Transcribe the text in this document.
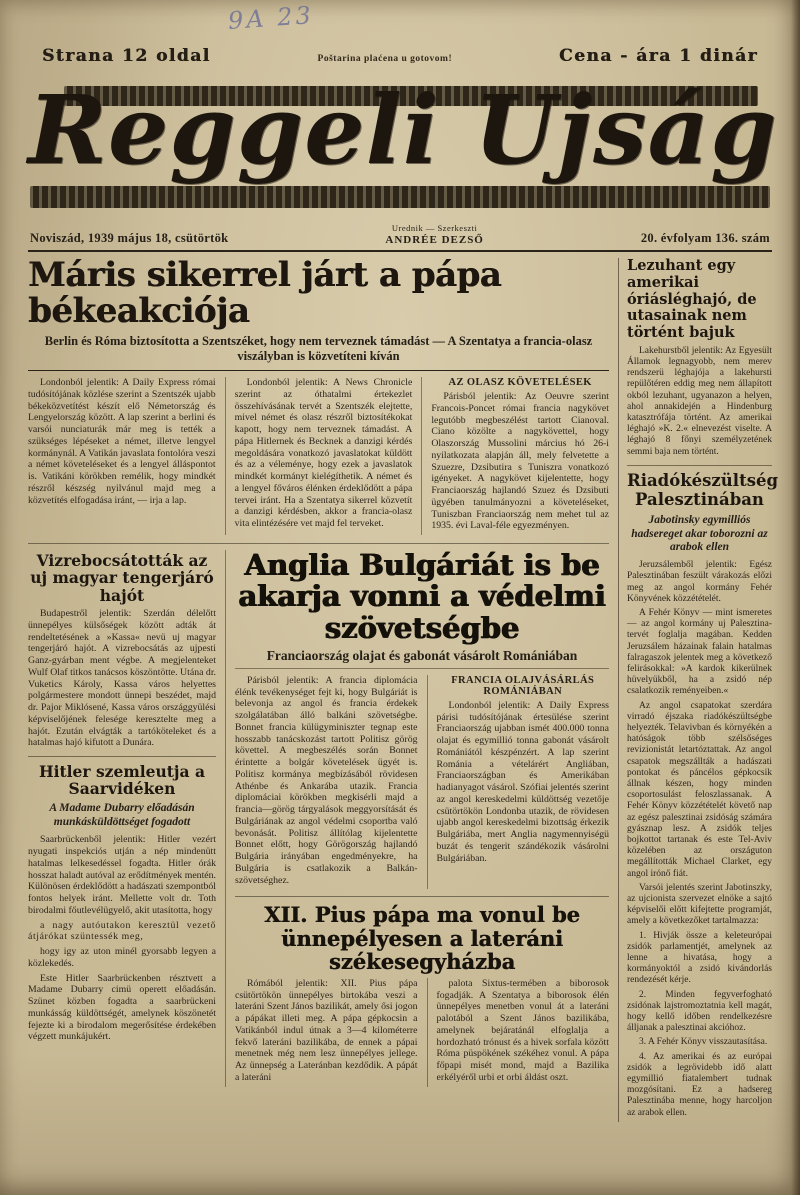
9A 23
Strana 12 oldal	Poštarina plaćena u gotovom!	Cena - ára 1 dinár
Reggeli Ujság
Noviszád, 1939 május 18, csütörtök
Urednik — Szerkeszti
ANDRÉE DEZSŐ	20. évfolyam 136. szám
Máris sikerrel járt a pápa békeakciója

Berlin és Róma biztosította a Szentszéket, hogy nem terveznek támadást — A Szentatya a francia-olasz viszályban is közvetíteni kíván

Londonból jelentik: A Daily Express római tudósítójának közlése szerint a Szentszék ujabb békeközvetítést készít elő Németország és Lengyelország között. A lap szerint a berlini és varsói nunciaturák már meg is tették a szükséges lépéseket a német, illetve lengyel kormánynál. A Vatikán javaslata fontolóra veszi a német követeléseket és a lengyel álláspontot is. Vatikáni körökben remélik, hogy mindkét részről készség nyilvánul majd meg a közvetítés elfogadása iránt, — irja a lap.

Londonból jelentik: A News Chronicle szerint az óthatalmi értekezlet összehívásának tervét a Szentszék elejtette, mivel német és olasz részről biztosítékokat kapott, hogy nem terveznek támadást. A pápa Hitlernek és Becknek a danzigi kérdés megoldására vonatkozó javaslatokat küldött és az a véleménye, hogy ezek a javaslatok mindkét kormányt kielégíthetik. A német és a lengyel főváros élénken érdeklődött a pápa tervei iránt. Ha a Szentatya sikerrel közvetít a danzigi kérdésben, akkor a francia-olasz vita elintézésére vet majd fel terveket.

AZ OLASZ KÖVETELÉSEK

Párisból jelentik: Az Oeuvre szerint Francois-Poncet római francia nagykövet legutóbb megbeszélést tartott Cianoval. Ciano közölte a nagykövettel, hogy Olaszország Mussolini március hó 26-i nyilatkozata alapján áll, mely felvetette a Szuezre, Dzsibutira s Tuniszra vonatkozó igényeket. A nagykövet kijelentette, hogy Franciaország hajlandó Szuez és Dzsibuti ügyében tanulmányozni a követeléseket, Tuniszban Franciaország nem mehet tul az 1935. évi Laval-féle egyezményen.

Vizrebocsátották az uj magyar tengerjáró hajót

Budapestről jelentik: Szerdán délelőtt ünnepélyes külsőségek között adták át rendeltetésének a »Kassa« nevü uj magyar tengerjáró hajót. A vizrebocsátás az ujpesti Ganz-gyárban ment végbe. A megjelenteket Wulf Olaf titkos tanácsos köszöntötte. Utána dr. Vuketics Károly, Kassa város helyettes polgármestere mondott ünnepi beszédet, majd dr. Pajor Miklósené, Kassa város országgyülési képviselőjének felesége keresztelte meg a hajót. Ezután elvágták a tartóköteleket és a hatalmas hajó kifutott a Dunára.

Hitler szemleutja a Saarvidéken

A Madame Dubarry előadásán munkásküldöttséget fogadott

Saarbrückenből jelentik: Hitler vezért nyugati inspekciós utján a nép mindenütt hatalmas lelkesedéssel fogadta. Hitler órák hosszat haladt autóval az erődítmények mentén. Különösen érdeklődött a hadászati szempontból fontos helyek iránt. Mellette volt dr. Toth birodalmi főutlevélügyelő, akit utasította, hogy

a nagy autóutakon keresztül vezető átjárókat szüntessék meg,

hogy igy az uton minél gyorsabb legyen a közlekedés.

Este Hitler Saarbrückenben résztvett a Madame Dubarry cimü operett előadásán. Szünet közben fogadta a saarbrückeni munkásság küldöttségét, amelynek köszönetét fejezte ki a birodalom megerősítése érdekében végzett munkájukért.

Anglia Bulgáriát is be akarja vonni a védelmi szövetségbe

Franciaország olajat és gabonát vásárolt Romániában

Párisból jelentik: A francia diplomácia élénk tevékenységet fejt ki, hogy Bulgáriát is belevonja az angol és francia érdekek szolgálatában álló balkáni szövetségbe. Bonnet francia külügyminiszter tegnap este hosszabb tanácskozást tartott Politisz görög követtel. A megbeszélés során Bonnet érintette a bolgár követelések ügyét is. Politisz kormánya megbízásából rövidesen Athénbe és Ankarába utazik. Francia diplomáciai körökben megkisérli majd a francia—görög tárgyalások meggyorsítását és Bulgáriának az angol védelmi csoportba való bevonását. Politisz állítólag kijelentette Bonnet előtt, hogy Görögország hajlandó Bulgária irányában engedményekre, ha Bulgária is csatlakozik a Balkán-szövetséghez.

FRANCIA OLAJVÁSÁRLÁS ROMÁNIÁBAN

Londonból jelentik: A Daily Express párisi tudósítójának értesülése szerint Franciaország ujabban ismét 400.000 tonna olajat és egymillió tonna gabonát vásárolt Romániától készpénzért. A lap szerint Románia a vételárért Angliában, Franciaországban és Amerikában hadianyagot vásárol. Szófiai jelentés szerint az angol kereskedelmi küldöttség vezetője csütörtökön Londonba utazik, de rövidesen ujabb angol kereskedelmi bizottság érkezik Bulgáriába, mert Anglia nagymennyiségü buzát és tengerit szándékozik vásárolni Bulgáriában.

XII. Pius pápa ma vonul be ünnepélyesen a lateráni székesegyházba

Rómából jelentik: XII. Pius pápa csütörtökön ünnepélyes birtokába veszi a lateráni Szent János bazilikát, amely ősi jogon a pápákat illeti meg. A pápa gépkocsin a Vatikánból indul útnak a 3—4 kilométerre fekvő lateráni bazilikába, de ennek a pápai menetnek még nem lesz ünnepélyes jellege. Az ünnepség a Lateránban kezdődik. A pápát a lateráni

palota Sixtus-termében a biborosok fogadják. A Szentatya a biborosok élén ünnepélyes menetben vonul át a lateráni palotából a Szent János bazilikába, amelynek bejáratánál elfoglalja a hordozható trónust és a hivek sorfala között Róma püspökének székéhez vonul. A pápa főpapi misét mond, majd a Bazilika erkélyéről urbi et orbi áldást oszt.

Lezuhant egy amerikai óriásléghajó, de utasainak nem történt bajuk

Lakehurstből jelentik: Az Egyesült Államok legnagyobb, nem merev rendszerü léghajója a lakehursti repülőtéren eddig meg nem állapított okból lezuhant, ugyanazon a helyen, ahol annakidején a Hindenburg katasztrófája történt. Az amerikai léghajó »K. 2.« elnevezést viselte. A léghajó 8 főnyi személyzetének semmi baja nem történt.

Riadókészültség Palesztinában

Jabotinsky egymilliós hadsereget akar toborozni az arabok ellen

Jeruzsálemből jelentik: Egész Palesztinában feszült várakozás előzi meg az angol kormány Fehér Könyvének közzétételét.

A Fehér Könyv — mint ismeretes — az angol kormány uj Palesztina-tervét foglalja magában. Kedden Jeruzsálem házainak falain hatalmas falragaszok jelentek meg a következő felirásokkal: »A kardok kikerülnek hüvelyükből, ha a zsidó nép csalatkozik reményeiben.«

Az angol csapatokat szerdára virradó éjszaka riadókészültségbe helyezték. Telavivban és környékén a hatóságok több szélsőséges revizionistát letartóztattak. Az angol csapatok megszállták a hadászati pontokat és páncélos gépkocsik állnak készen, hogy minden csoportosulást feloszlassanak. A Fehér Könyv közzétételét követő nap az egész palesztinai zsidóság számára gyásznap lesz. A zsidók teljes bojkottot tartanak és este Tel-Aviv közelében az országuton megállították Michael Clarket, egy angol irónő fiát.

Varsói jelentés szerint Jabotinszky, az ujcionista szervezet elnöke a sajtó képviselői előtt kifejtette programját, amely a következőket tartalmazza:

1. Hivják össze a keleteurópai zsidók parlamentjét, amelynek az lenne a hivatása, hogy a kormányoktól a zsidó kivándorlás rendezését kérje.

2. Minden fegyverfogható zsidónak lajstromoztatnia kell magát, hogy kellő időben rendelkezésre álljanak a palesztinai akcióhoz.

3. A Fehér Könyv visszautasítása.

4. Az amerikai és az európai zsidók a legrövidebb idő alatt egymillió fiatalembert tudnak mozgósítani. Ez a hadsereg Palesztinába menne, hogy harcoljon az arabok ellen.
